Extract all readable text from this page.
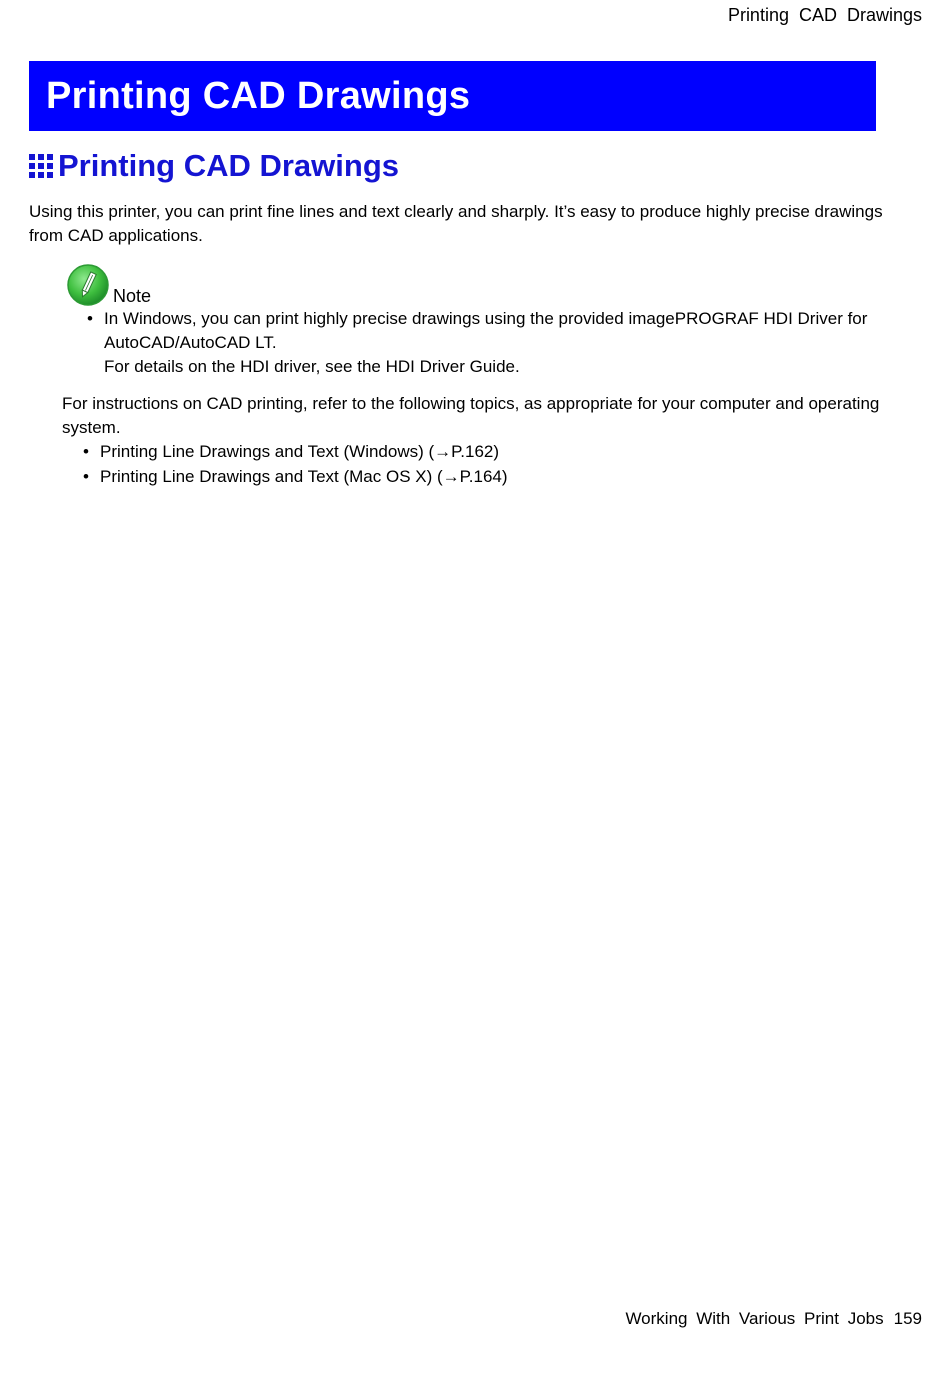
Printing CAD Drawings
Printing CAD Drawings
Printing CAD Drawings
Using this printer, you can print fine lines and text clearly and sharply. It’s easy to produce highly precise drawings from CAD applications.
Note
• In Windows, you can print highly precise drawings using the provided imagePROGRAF HDI Driver for AutoCAD/AutoCAD LT.
For details on the HDI driver, see the HDI Driver Guide.
For instructions on CAD printing, refer to the following topics, as appropriate for your computer and operating system.
• Printing Line Drawings and Text (Windows) (→P.162)
• Printing Line Drawings and Text (Mac OS X) (→P.164)
Working With Various Print Jobs 159
